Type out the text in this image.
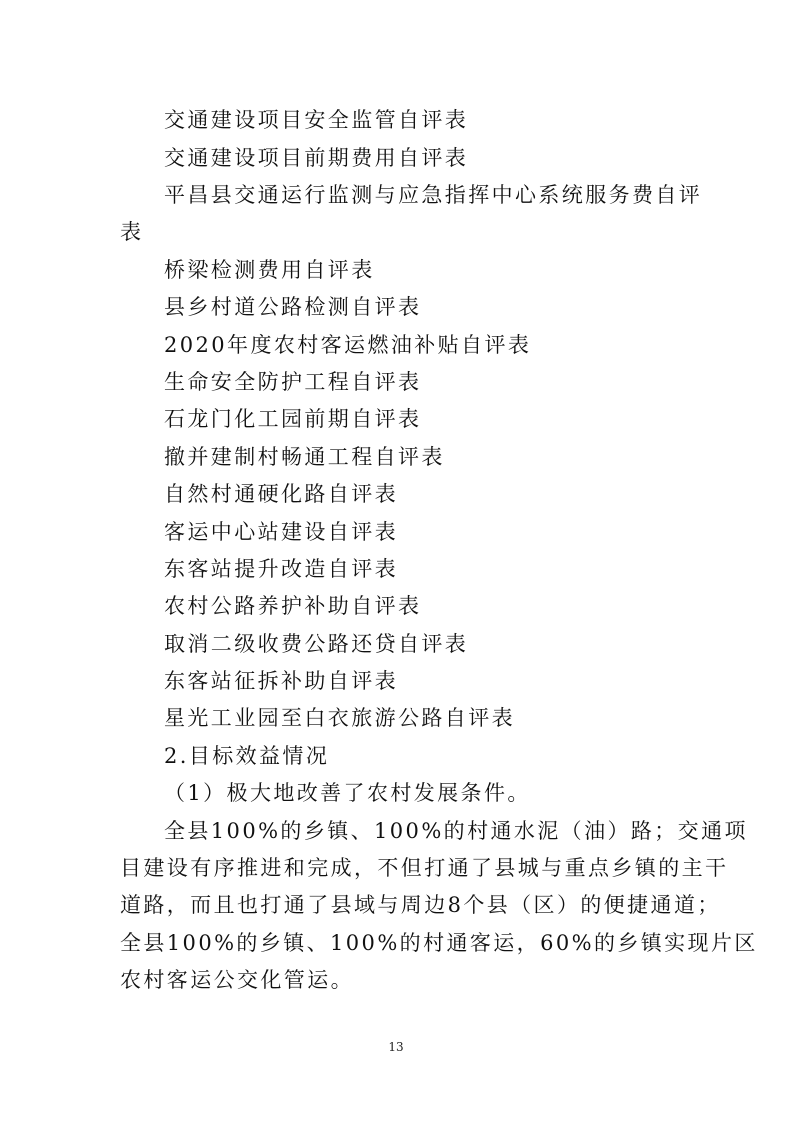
交通建设项目安全监管自评表
交通建设项目前期费用自评表
平昌县交通运行监测与应急指挥中心系统服务费自评
表
桥梁检测费用自评表
县乡村道公路检测自评表
2020年度农村客运燃油补贴自评表
生命安全防护工程自评表
石龙门化工园前期自评表
撤并建制村畅通工程自评表
自然村通硬化路自评表
客运中心站建设自评表
东客站提升改造自评表
农村公路养护补助自评表
取消二级收费公路还贷自评表
东客站征拆补助自评表
星光工业园至白衣旅游公路自评表
2.目标效益情况
（1）极大地改善了农村发展条件。
全县100%的乡镇、100%的村通水泥（油）路；交通项
目建设有序推进和完成，不但打通了县城与重点乡镇的主干
道路，而且也打通了县域与周边8个县（区）的便捷通道；
全县100%的乡镇、100%的村通客运，60%的乡镇实现片区
农村客运公交化管运。
13
